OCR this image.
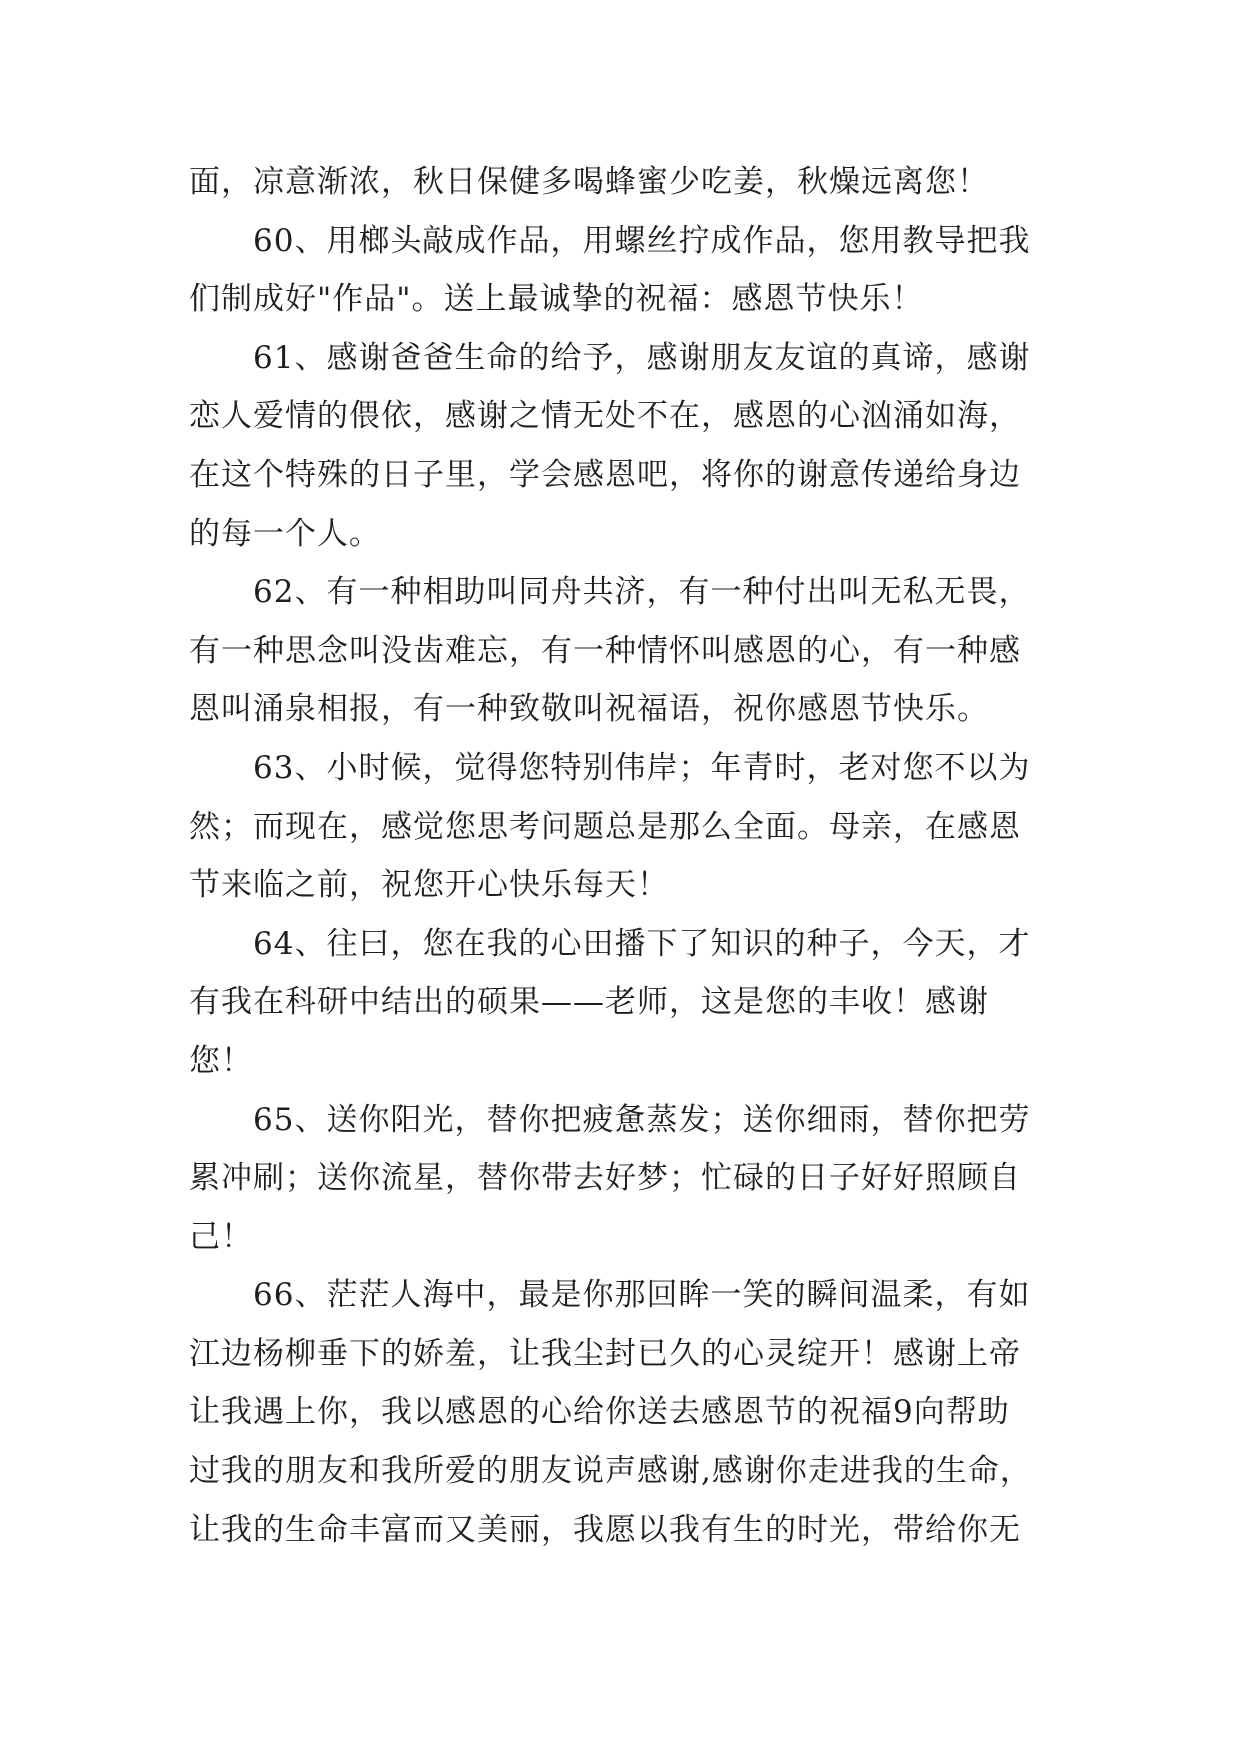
面，凉意渐浓，秋日保健多喝蜂蜜少吃姜，秋燥远离您！
60、用榔头敲成作品，用螺丝拧成作品，您用教导把我
们制成好"作品"。送上最诚挚的祝福：感恩节快乐！
61、感谢爸爸生命的给予，感谢朋友友谊的真谛，感谢
恋人爱情的偎依，感谢之情无处不在，感恩的心汹涌如海，
在这个特殊的日子里，学会感恩吧，将你的谢意传递给身边
的每一个人。
62、有一种相助叫同舟共济，有一种付出叫无私无畏，
有一种思念叫没齿难忘，有一种情怀叫感恩的心，有一种感
恩叫涌泉相报，有一种致敬叫祝福语，祝你感恩节快乐。
63、小时候，觉得您特别伟岸；年青时，老对您不以为
然；而现在，感觉您思考问题总是那么全面。母亲，在感恩
节来临之前，祝您开心快乐每天！
64、往曰，您在我的心田播下了知识的种子，今天，才
有我在科研中结出的硕果——老师，这是您的丰收！感谢
您！
65、送你阳光，替你把疲惫蒸发；送你细雨，替你把劳
累冲刷；送你流星，替你带去好梦；忙碌的日子好好照顾自
己！
66、茫茫人海中，最是你那回眸一笑的瞬间温柔，有如
江边杨柳垂下的娇羞，让我尘封已久的心灵绽开！感谢上帝
让我遇上你，我以感恩的心给你送去感恩节的祝福9向帮助
过我的朋友和我所爱的朋友说声感谢,感谢你走进我的生命，
让我的生命丰富而又美丽，我愿以我有生的时光，带给你无
